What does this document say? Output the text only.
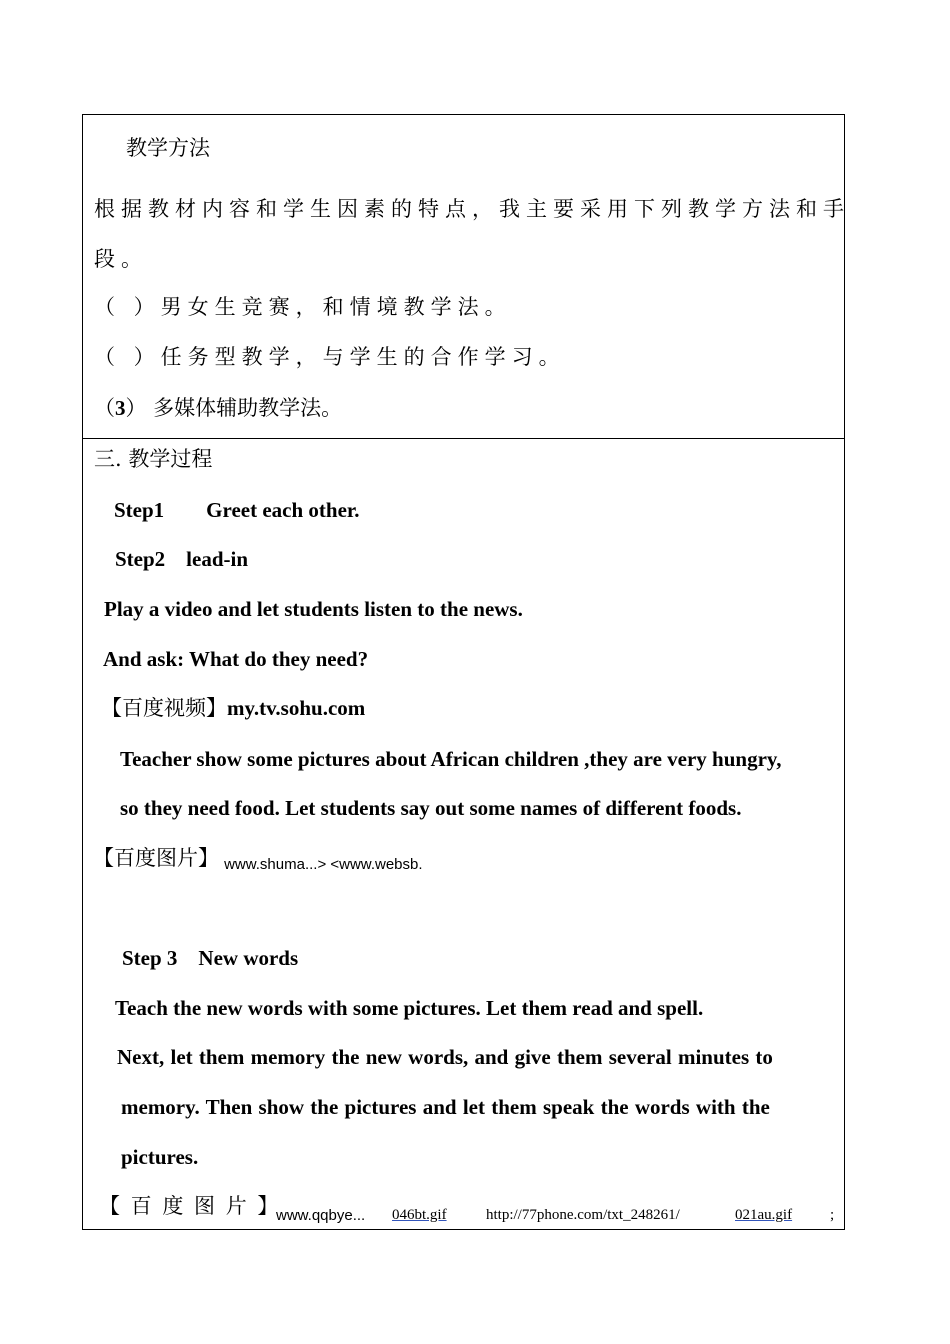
教学方法
根据教材内容和学生因素的特点，我主要采用下列教学方法和手
段。
（ ）男女生竞赛，和情境教学法。
（ ）任务型教学，与学生的合作学习。
（3） 多媒体辅助教学法。
三. 教学过程
Step1        Greet each other.
Step2    lead-in
Play a video and let students listen to the news.
And ask: What do they need?
【百度视频】my.tv.sohu.com
Teacher show some pictures about African children ,they are very hungry,
so they need food. Let students say out some names of different foods.
【百度图片】 www.shuma...> <www.websb.
Step 3    New words
Teach the new words with some pictures. Let them read and spell.
Next, let them memory the new words, and give them several minutes to
memory. Then show the pictures and let them speak the words with the
pictures.
【 百 度 图 片 】
www.qqbye... 046bt.gif	http://77phone.com/txt_248261/	021au.gif	;
